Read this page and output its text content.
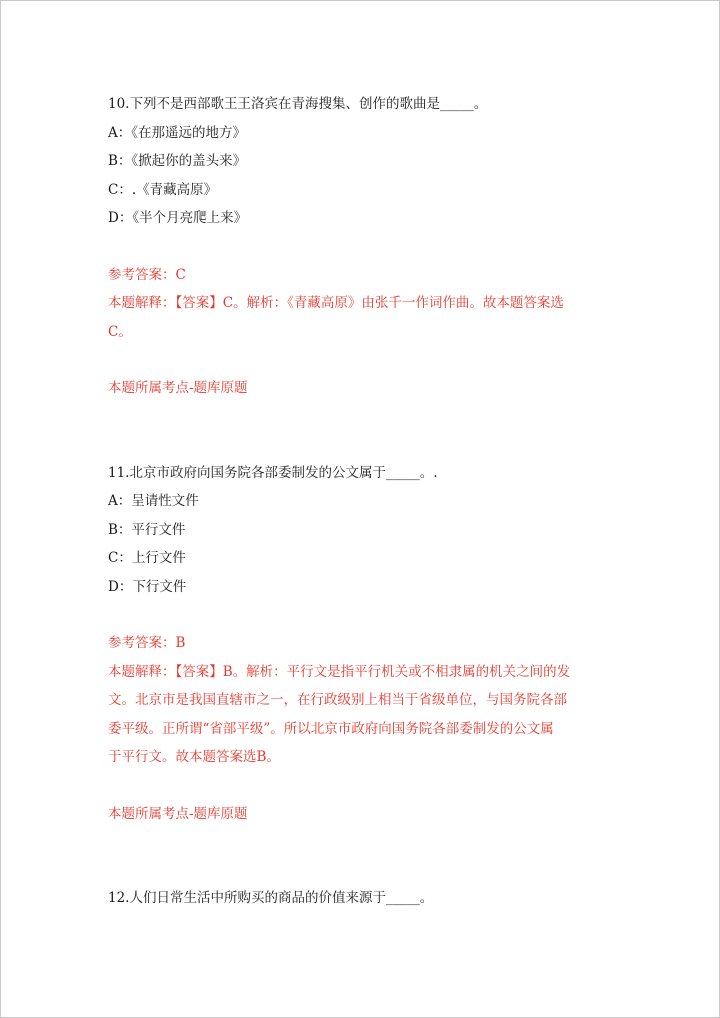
10.下列不是西部歌王王洛宾在青海搜集、创作的歌曲是_____。
A：《在那遥远的地方》
B：《掀起你的盖头来》
C：.《青藏高原》
D：《半个月亮爬上来》
参考答案：C
本题解释：【答案】C。解析：《青藏高原》由张千一作词作曲。故本题答案选
C。
本题所属考点-题库原题
11.北京市政府向国务院各部委制发的公文属于_____。.
A：呈请性文件
B：平行文件
C：上行文件
D：下行文件
参考答案：B
本题解释：【答案】B。解析：平行文是指平行机关或不相隶属的机关之间的发
文。北京市是我国直辖市之一，在行政级别上相当于省级单位，与国务院各部
委平级。正所谓“省部平级”。所以北京市政府向国务院各部委制发的公文属
于平行文。故本题答案选B。
本题所属考点-题库原题
12.人们日常生活中所购买的商品的价值来源于_____。
